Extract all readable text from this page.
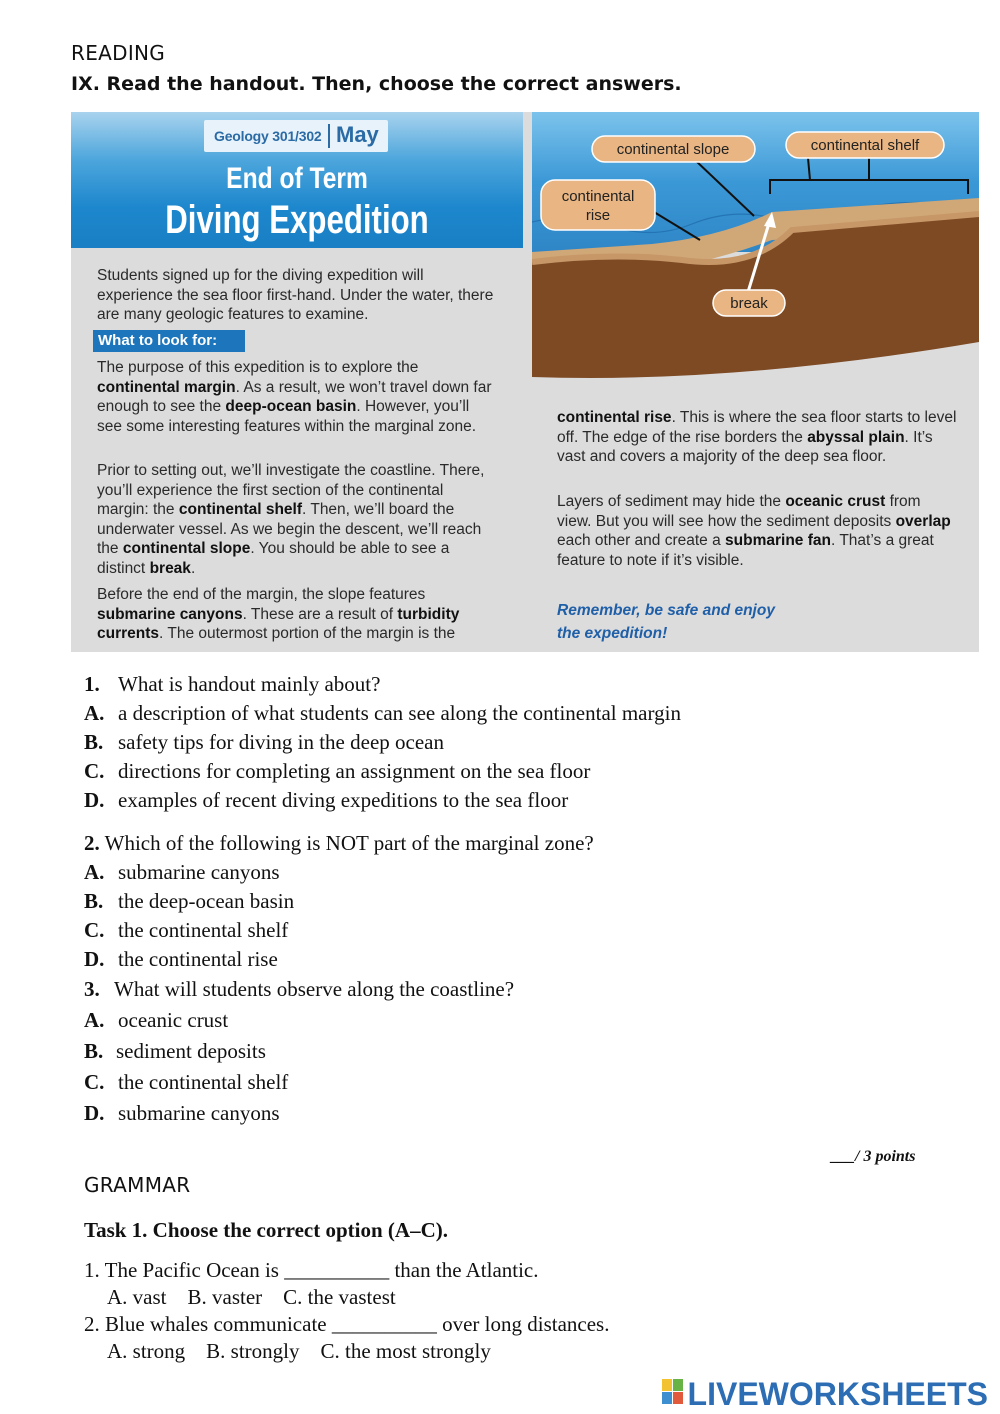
READING
IX. Read the handout. Then, choose the correct answers.
Geology 301/302 May
End of Term
Diving Expedition
Students signed up for the diving expedition will experience the sea floor first-hand. Under the water, there are many geologic features to examine.
What to look for:
The purpose of this expedition is to explore the continental margin. As a result, we won’t travel down far enough to see the deep-ocean basin. However, you’ll see some interesting features within the marginal zone.
Prior to setting out, we’ll investigate the coastline. There, you’ll experience the first section of the continental margin: the continental shelf. Then, we’ll board the underwater vessel. As we begin the descent, we’ll reach the continental slope. You should be able to see a distinct break.
Before the end of the margin, the slope features submarine canyons. These are a result of turbidity currents. The outermost portion of the margin is the
continental rise. This is where the sea floor starts to level off. The edge of the rise borders the abyssal plain. It’s vast and covers a majority of the deep sea floor.
Layers of sediment may hide the oceanic crust from view. But you will see how the sediment deposits overlap each other and create a submarine fan. That’s a great feature to note if it’s visible.
Remember, be safe and enjoy
the expedition!
continental slope	continental shelf
continental
rise
break
1. What is handout mainly about?
A. a description of what students can see along the continental margin
B. safety tips for diving in the deep ocean
C. directions for completing an assignment on the sea floor
D. examples of recent diving expeditions to the sea floor
2. Which of the following is NOT part of the marginal zone?
A. submarine canyons
B. the deep-ocean basin
C. the continental shelf
D. the continental rise
3. What will students observe along the coastline?
A. oceanic crust
B. sediment deposits
C. the continental shelf
D. submarine canyons
___/ 3 points
GRAMMAR
Task 1. Choose the correct option (A–C).
1. The Pacific Ocean is __________ than the Atlantic.
A. vast    B. vaster    C. the vastest
2. Blue whales communicate __________ over long distances.
A. strong    B. strongly    C. the most strongly
LIVEWORKSHEETS
